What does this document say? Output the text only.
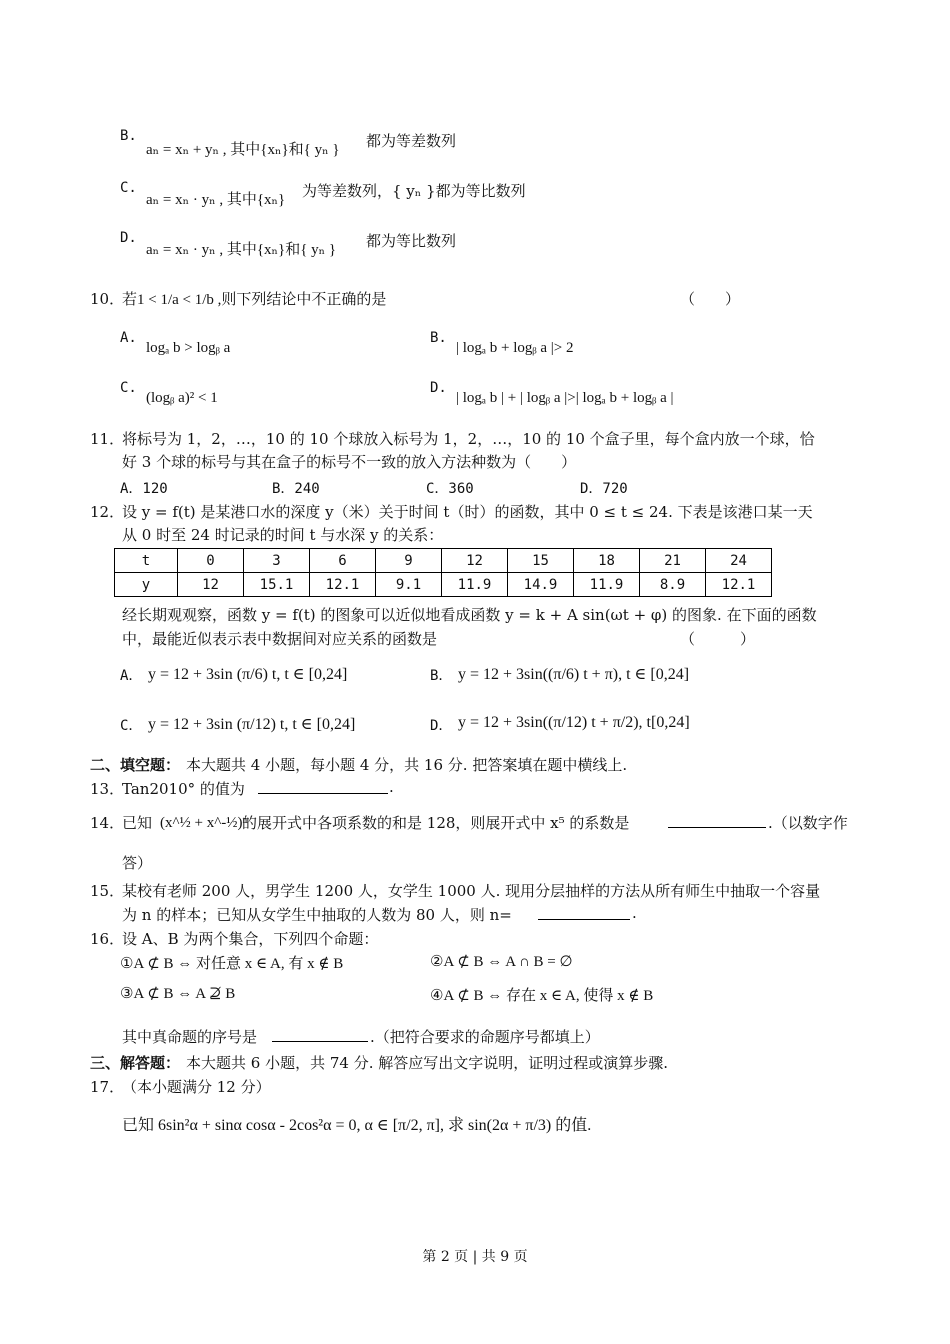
B.
aₙ = xₙ + yₙ , 其中{xₙ}和{ yₙ } 都为等差数列
C.
aₙ = xₙ · yₙ , 其中{xₙ} 为等差数列，{ yₙ }都为等比数列
D.
aₙ = xₙ · yₙ , 其中{xₙ}和{ yₙ } 都为等比数列
10．
若1 < 1/a < 1/b ,则下列结论中不正确的是	（　　）
A.
logₐ b > logᵦ a
B.
| logₐ b + logᵦ a |> 2
C.
(logᵦ a)² < 1
D.
| logₐ b | + | logᵦ a |>| logₐ b + logᵦ a |
11．
将标号为 1，2，…，10 的 10 个球放入标号为 1，2，…，10 的 10 个盒子里，每个盒内放一个球，恰
好 3 个球的标号与其在盒子的标号不一致的放入方法种数为（　　）
A．120	B．240	C．360	D．720
12．
设 y = f(t) 是某港口水的深度 y（米）关于时间 t（时）的函数，其中 0 ≤ t ≤ 24. 下表是该港口某一天
从 0 时至 24 时记录的时间 t 与水深 y 的关系：
t	0	3	6	9	12	15	18	21	24
y	12	15.1	12.1	9.1	11.9	14.9	11.9	8.9	12.1
经长期观观察，函数 y = f(t) 的图象可以近似地看成函数 y = k + A sin(ωt + φ) 的图象. 在下面的函数
中，最能近似表示表中数据间对应关系的函数是	（　　　）
A． y = 12 + 3sin (π/6) t, t ∈ [0,24]	B． y = 12 + 3sin((π/6) t + π), t ∈ [0,24]
C． y = 12 + 3sin (π/12) t, t ∈ [0,24]	D． y = 12 + 3sin((π/12) t + π/2), t[0,24]
二、填空题： 本大题共 4 小题，每小题 4 分，共 16 分. 把答案填在题中横线上.
13．
Tan2010° 的值为	.
14．
已知 (x^½ + x^-½)ⁿ
的展开式中各项系数的和是 128，则展开式中 x⁵ 的系数是	.（以数字作
答）
15．
某校有老师 200 人，男学生 1200 人，女学生 1000 人. 现用分层抽样的方法从所有师生中抽取一个容量
为 n 的样本；已知从女学生中抽取的人数为 80 人，则 n=	.
16．
设 A、B 为两个集合，下列四个命题：
①A ⊄ B ⇔ 对任意 x ∈ A, 有 x ∉ B	②A ⊄ B ⇔ A ∩ B = ∅
③A ⊄ B ⇔ A ⊉ B	④A ⊄ B ⇔ 存在 x ∈ A, 使得 x ∉ B
其中真命题的序号是	.（把符合要求的命题序号都填上）
三、解答题： 本大题共 6 小题，共 74 分. 解答应写出文字说明，证明过程或演算步骤.
17．
（本小题满分 12 分）
已知 6sin²α + sinα cosα - 2cos²α = 0, α ∈ [π/2, π], 求 sin(2α + π/3) 的值.
第 2 页 | 共 9 页
